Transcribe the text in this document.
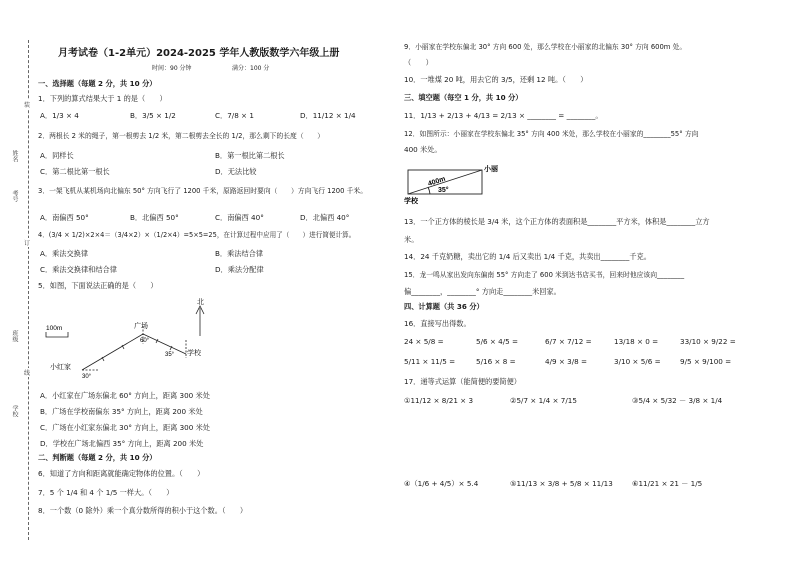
装
订
线
姓名
考号
班级
学校
月考试卷（1-2单元）2024-2025 学年人教版数学六年级上册
时间：90 分钟	满分：100 分
一、选择题（每题 2 分，共 10 分）
1．下列的算式结果大于 1 的是（　　）
A．1/3 × 4	B．3/5 × 1/2	C．7/8 × 1	D．11/12 × 1/4
2．两根长 2 米的绳子，第一根剪去 1/2 米，第二根剪去全长的 1/2，那么剩下的长度（　　）
A．同样长	B．第一根比第二根长
C．第二根比第一根长	D．无法比较
3．一架飞机从某机场向北偏东 50° 方向飞行了 1200 千米，原路返回时要向（　　）方向飞行 1200 千米。
A．南偏西 50°	B．北偏西 50°	C．南偏西 40°	D．北偏西 40°
4．(3/4 × 1/2)×2×4＝（3/4×2）×（1/2×4）=5×5=25，在计算过程中应用了（　　）进行简便计算。
A．乘法交换律	B．乘法结合律
C．乘法交换律和结合律	D．乘法分配律
5．如图，下面说法正确的是（　　）
北
100m	广场
小红家
学校
60°
35°
30°
A．小红家在广场东偏北 60° 方向上，距离 300 米处
B．广场在学校南偏东 35° 方向上，距离 200 米处
C．广场在小红家东偏北 30° 方向上，距离 300 米处
D．学校在广场北偏西 35° 方向上，距离 200 米处
二、判断题（每题 2 分，共 10 分）
6．知道了方向和距离就能确定物体的位置。（　　）
7．5 个 1/4 和 4 个 1/5 一样大。（　　）
8．一个数（0 除外）乘一个真分数所得的积小于这个数。（　　）
9．小丽家在学校东偏北 30° 方向 600 处，那么学校在小丽家的北偏东 30° 方向 600m 处。
（　　）
10．一堆煤 20 吨，用去它的 3/5，还剩 12 吨。（　　）
三、填空题（每空 1 分，共 10 分）
11．1/13 + 2/13 + 4/13 = 2/13 × ________ = ________。
12．如图所示：小丽家在学校东偏北 35° 方向 400 米处，那么学校在小丽家的________55° 方向
400 米处。
小丽
学校
400m
35°
13．一个正方体的棱长是 3/4 米，这个正方体的表面积是________平方米，体积是________立方
米。
14．24 千克奶糖，卖出它的 1/4 后又卖出 1/4 千克，共卖出________千克。
15．龙一鸣从家出发向东偏南 55° 方向走了 600 米到达书店买书，回来时他应该向________
偏________，________° 方向走________米回家。
四、计算题（共 36 分）
16．直接写出得数。
24 × 5/8 =	5/6 × 4/5 =	6/7 × 7/12 =	13/18 × 0 =	33/10 × 9/22 =
5/11 × 11/5 =	5/16 × 8 =	4/9 × 3/8 =	3/10 × 5/6 =	9/5 × 9/100 =
17．递等式运算（能简便的要简便）
①11/12 × 8/21 × 3	②5/7 × 1/4 × 7/15	③5/4 × 5/32 － 3/8 × 1/4
④（1/6 + 4/5）× 5.4	⑤11/13 × 3/8 + 5/8 × 11/13	⑥11/21 × 21 － 1/5
